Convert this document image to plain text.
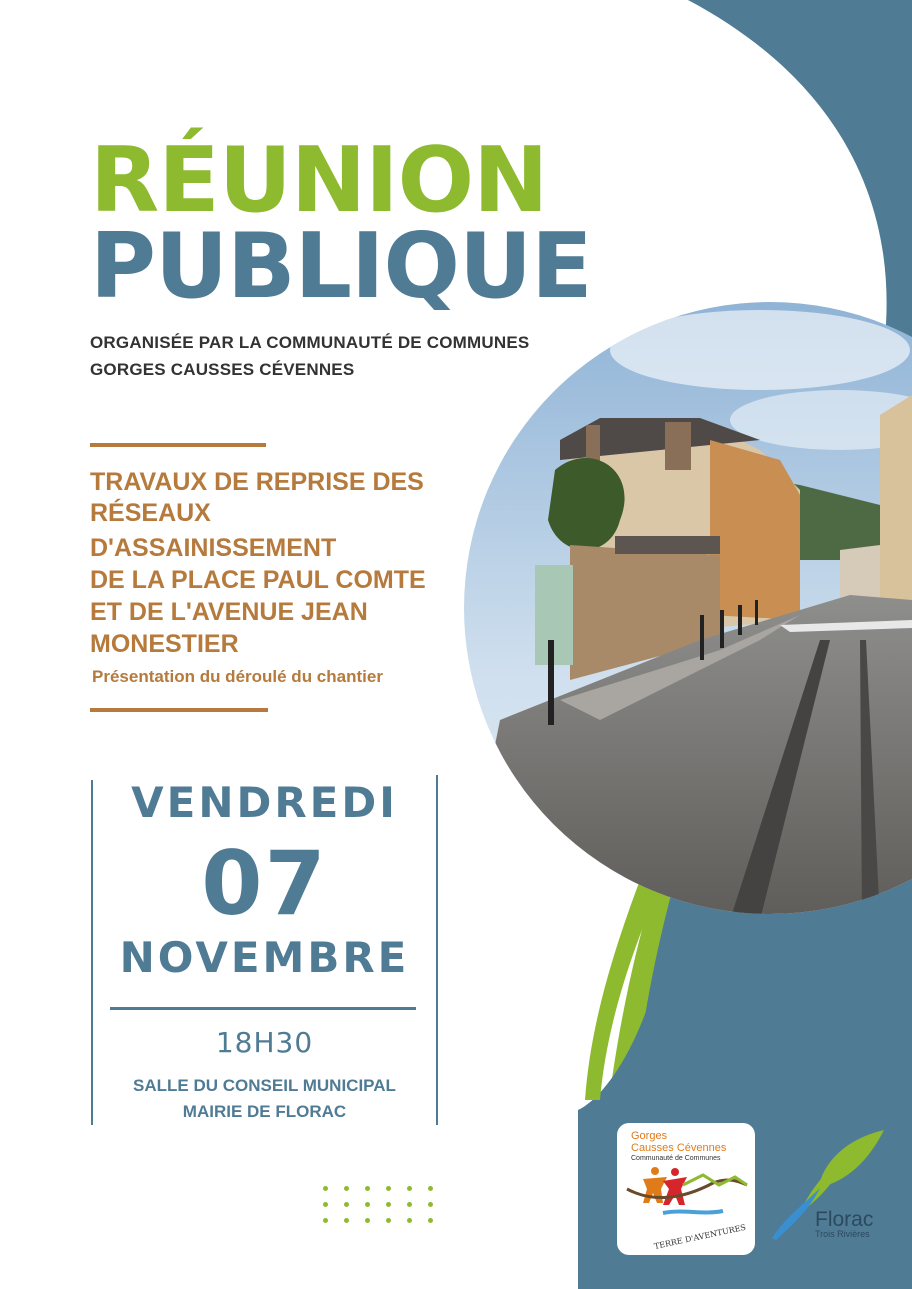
RÉUNION
PUBLIQUE
ORGANISÉE PAR LA COMMUNAUTÉ DE COMMUNES
GORGES CAUSSES CÉVENNES
TRAVAUX DE REPRISE DES
RÉSEAUX
D'ASSAINISSEMENT
DE LA PLACE PAUL COMTE
ET DE L'AVENUE JEAN
MONESTIER
Présentation du déroulé du chantier
VENDREDI
07
NOVEMBRE
18H30
SALLE DU CONSEIL MUNICIPAL
MAIRIE DE FLORAC
Gorges
Causses Cévennes
Communauté de Communes
TERRE D'AVENTURES
Florac
Trois Rivières
